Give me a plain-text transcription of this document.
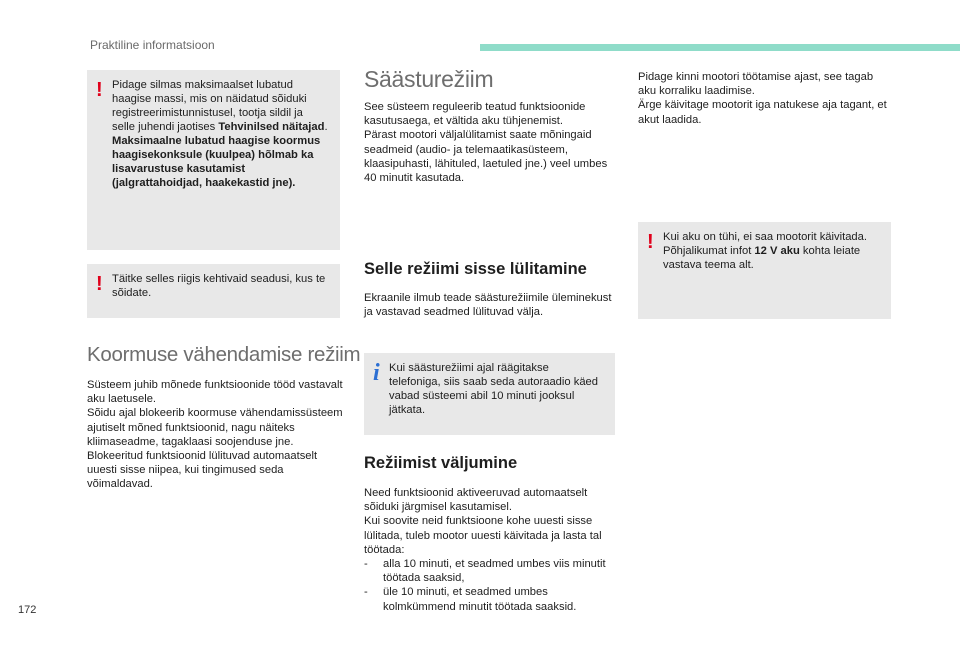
Praktiline informatsioon
! Pidage silmas maksimaalset lubatud haagise massi, mis on näidatud sõiduki registreerimistunnistusel, tootja sildil ja selle juhendi jaotises Tehvinilsed näitajad.

Maksimaalne lubatud haagise koormus haagisekonksule (kuulpea) hõlmab ka lisavarustuse kasutamist (jalgrattahoidjad, haakekastid jne).

! Täitke selles riigis kehtivaid seadusi, kus te sõidate.

Koormuse vähendamise režiim

Süsteem juhib mõnede funktsioonide tööd vastavalt aku laetusele.

Sõidu ajal blokeerib koormuse vähendamissüsteem ajutiselt mõned funktsioonid, nagu näiteks kliimaseadme, tagaklaasi soojenduse jne.

Blokeeritud funktsioonid lülituvad automaatselt uuesti sisse niipea, kui tingimused seda võimaldavad.

Säästurežiim

See süsteem reguleerib teatud funktsioonide kasutusaega, et vältida aku tühjenemist.

Pärast mootori väljalülitamist saate mõningaid seadmeid (audio- ja telemaatikasüsteem, klaasipuhasti, lähituled, laetuled jne.) veel umbes 40 minutit kasutada.

Selle režiimi sisse lülitamine

Ekraanile ilmub teade säästurežiimile üleminekust ja vastavad seadmed lülituvad välja.

i Kui säästurežiimi ajal räägitakse telefoniga, siis saab seda autoraadio käed vabad süsteemi abil 10 minuti jooksul jätkata.

Režiimist väljumine

Need funktsioonid aktiveeruvad automaatselt sõiduki järgmisel kasutamisel.

Kui soovite neid funktsioone kohe uuesti sisse lülitada, tuleb mootor uuesti käivitada ja lasta tal töötada:

- alla 10 minuti, et seadmed umbes viis minutit töötada saaksid,
- üle 10 minuti, et seadmed umbes kolmkümmend minutit töötada saaksid.

Pidage kinni mootori töötamise ajast, see tagab aku korraliku laadimise.

Ärge käivitage mootorit iga natukese aja tagant, et akut laadida.

! Kui aku on tühi, ei saa mootorit käivitada. Põhjalikumat infot 12 V aku kohta leiate vastava teema alt.

172
